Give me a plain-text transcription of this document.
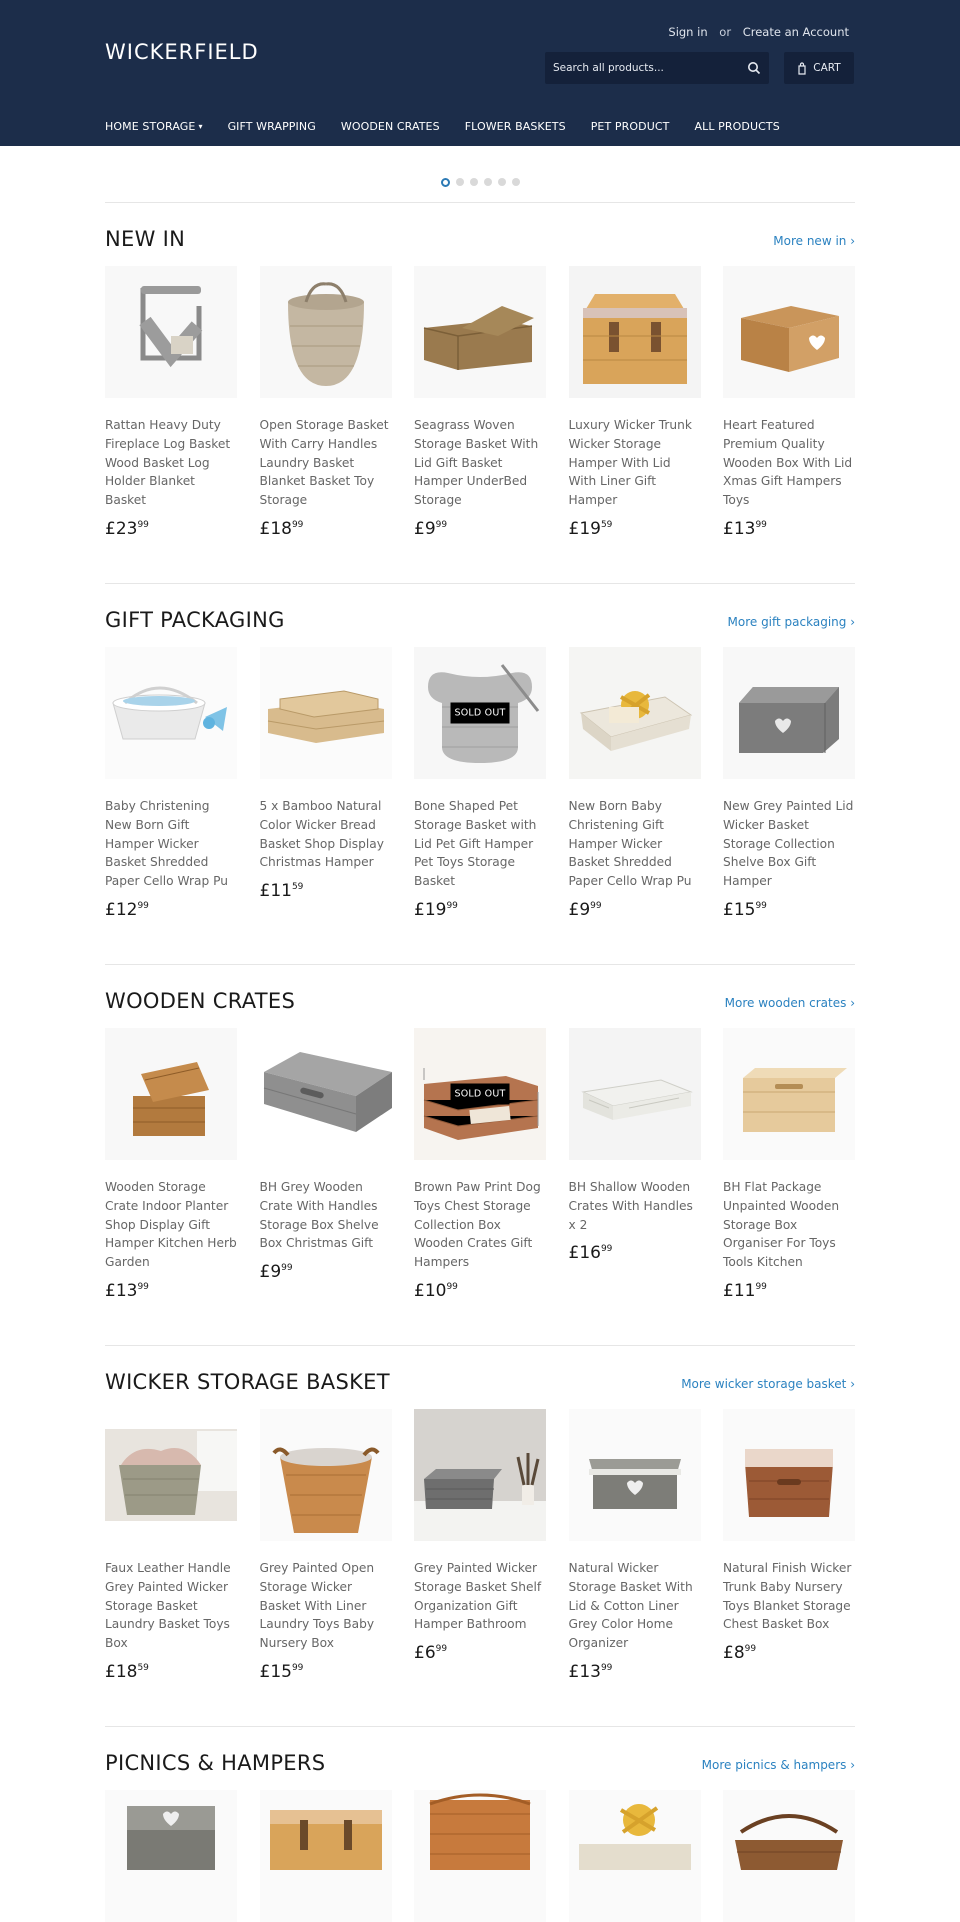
WICKERFIELD
Sign in or Create an Account
Search all products...
CART
HOME STORAGE ▾ GIFT WRAPPING WOODEN CRATES FLOWER BASKETS PET PRODUCT ALL PRODUCTS
NEW IN	More new in ›
Rattan Heavy Duty Fireplace Log Basket Wood Basket Log Holder Blanket Basket
$£23^{99}$
Open Storage Basket With Carry Handles Laundry Basket Blanket Basket Toy Storage
$£18^{99}$
Seagrass Woven Storage Basket With Lid Gift Basket Hamper UnderBed Storage
$£9^{99}$
Luxury Wicker Trunk Wicker Storage Hamper With Lid With Liner Gift Hamper
$£19^{59}$
Heart Featured Premium Quality Wooden Box With Lid Xmas Gift Hampers Toys
$£13^{99}$
GIFT PACKAGING	More gift packaging ›
Baby Christening New Born Gift Hamper Wicker Basket Shredded Paper Cello Wrap Pu
$£12^{99}$
5 x Bamboo Natural Color Wicker Bread Basket Shop Display Christmas Hamper
$£11^{59}$
SOLD OUT
Bone Shaped Pet Storage Basket with Lid Pet Gift Hamper Pet Toys Storage Basket
$£19^{99}$
New Born Baby Christening Gift Hamper Wicker Basket Shredded Paper Cello Wrap Pu
$£9^{99}$
New Grey Painted Lid Wicker Basket Storage Collection Shelve Box Gift Hamper
$£15^{99}$
WOODEN CRATES	More wooden crates ›
Wooden Storage Crate Indoor Planter Shop Display Gift Hamper Kitchen Herb Garden
$£13^{99}$
BH Grey Wooden Crate With Handles Storage Box Shelve Box Christmas Gift
$£9^{99}$
SOLD OUT
Brown Paw Print Dog Toys Chest Storage Collection Box Wooden Crates Gift Hampers
$£10^{99}$
BH Shallow Wooden Crates With Handles x 2
$£16^{99}$
BH Flat Package Unpainted Wooden Storage Box Organiser For Toys Tools Kitchen
$£11^{99}$
WICKER STORAGE BASKET	More wicker storage basket ›
Faux Leather Handle Grey Painted Wicker Storage Basket Laundry Basket Toys Box
$£18^{59}$
Grey Painted Open Storage Wicker Basket With Liner Laundry Toys Baby Nursery Box
$£15^{99}$
Grey Painted Wicker Storage Basket Shelf Organization Gift Hamper Bathroom
$£6^{99}$
Natural Wicker Storage Basket With Lid & Cotton Liner Grey Color Home Organizer
$£13^{99}$
Natural Finish Wicker Trunk Baby Nursery Toys Blanket Storage Chest Basket Box
$£8^{99}$
PICNICS & HAMPERS	More picnics & hampers ›
